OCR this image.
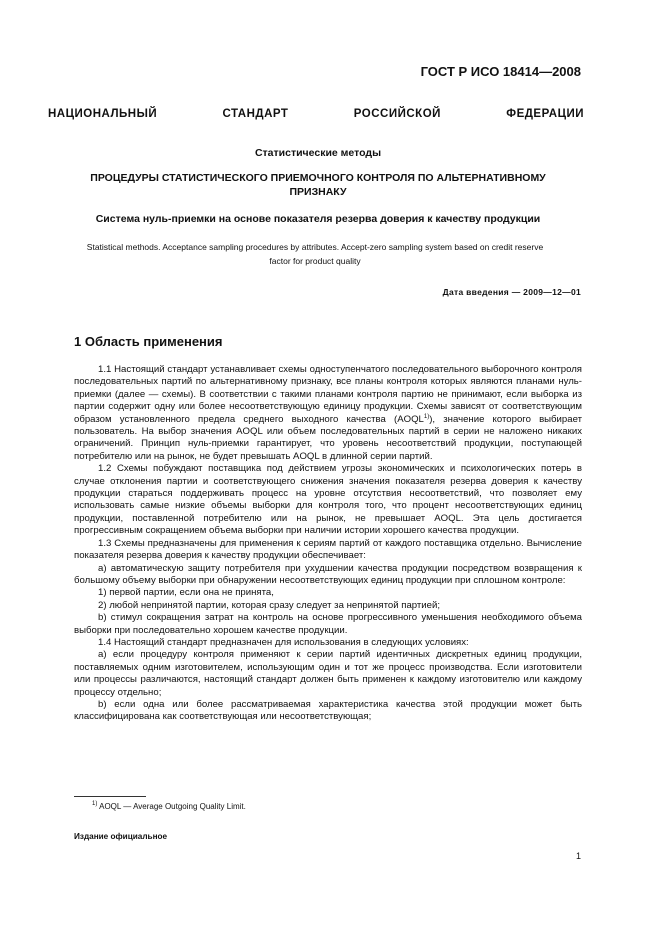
ГОСТ Р ИСО 18414—2008
НАЦИОНАЛЬНЫЙ СТАНДАРТ РОССИЙСКОЙ ФЕДЕРАЦИИ
Статистические методы
ПРОЦЕДУРЫ СТАТИСТИЧЕСКОГО ПРИЕМОЧНОГО КОНТРОЛЯ ПО АЛЬТЕРНАТИВНОМУ
ПРИЗНАКУ
Система нуль-приемки на основе показателя резерва доверия к качеству продукции
Statistical methods. Acceptance sampling procedures by attributes. Accept-zero sampling system based on credit reserve
factor for product quality
Дата введения — 2009—12—01
1 Область применения

1.1 Настоящий стандарт устанавливает схемы одноступенчатого последовательного выборочного контроля последовательных партий по альтернативному признаку, все планы контроля которых являются планами нуль-приемки (далее — схемы). В соответствии с такими планами контроля партию не принимают, если выборка из партии содержит одну или более несоответствующую единицу продукции. Схемы зависят от соответствующим образом установленного предела среднего выходного качества (AOQL$^{1)}$), значение которого выбирает пользователь. На выбор значения AOQL или объем последовательных партий в серии не наложено никаких ограничений. Принцип нуль-приемки гарантирует, что уровень несоответствий продукции, поступающей потребителю или на рынок, не будет превышать AOQL в длинной серии партий.

1.2 Схемы побуждают поставщика под действием угрозы экономических и психологических потерь в случае отклонения партии и соответствующего снижения значения показателя резерва доверия к качеству продукции стараться поддерживать процесс на уровне отсутствия несоответствий, что позволяет ему использовать самые низкие объемы выборки для контроля того, что процент несоответствующих единиц продукции, поставленной потребителю или на рынок, не превышает AOQL. Эта цель достигается прогрессивным сокращением объема выборки при наличии истории хорошего качества продукции.

1.3 Схемы предназначены для применения к сериям партий от каждого поставщика отдельно. Вычисление показателя резерва доверия к качеству продукции обеспечивает:

а) автоматическую защиту потребителя при ухудшении качества продукции посредством возвращения к большому объему выборки при обнаружении несоответствующих единиц продукции при сплошном контроле:

1) первой партии, если она не принята,

2) любой непринятой партии, которая сразу следует за непринятой партией;

b) стимул сокращения затрат на контроль на основе прогрессивного уменьшения необходимого объема выборки при последовательно хорошем качестве продукции.

1.4 Настоящий стандарт предназначен для использования в следующих условиях:

а) если процедуру контроля применяют к серии партий идентичных дискретных единиц продукции, поставляемых одним изготовителем, использующим один и тот же процесс производства. Если изготовители или процессы различаются, настоящий стандарт должен быть применен к каждому изготовителю или каждому процессу отдельно;

b) если одна или более рассматриваемая характеристика качества этой продукции может быть классифицирована как соответствующая или несоответствующая;

$^{1)}$ AOQL — Average Outgoing Quality Limit.
Издание официальное
1
